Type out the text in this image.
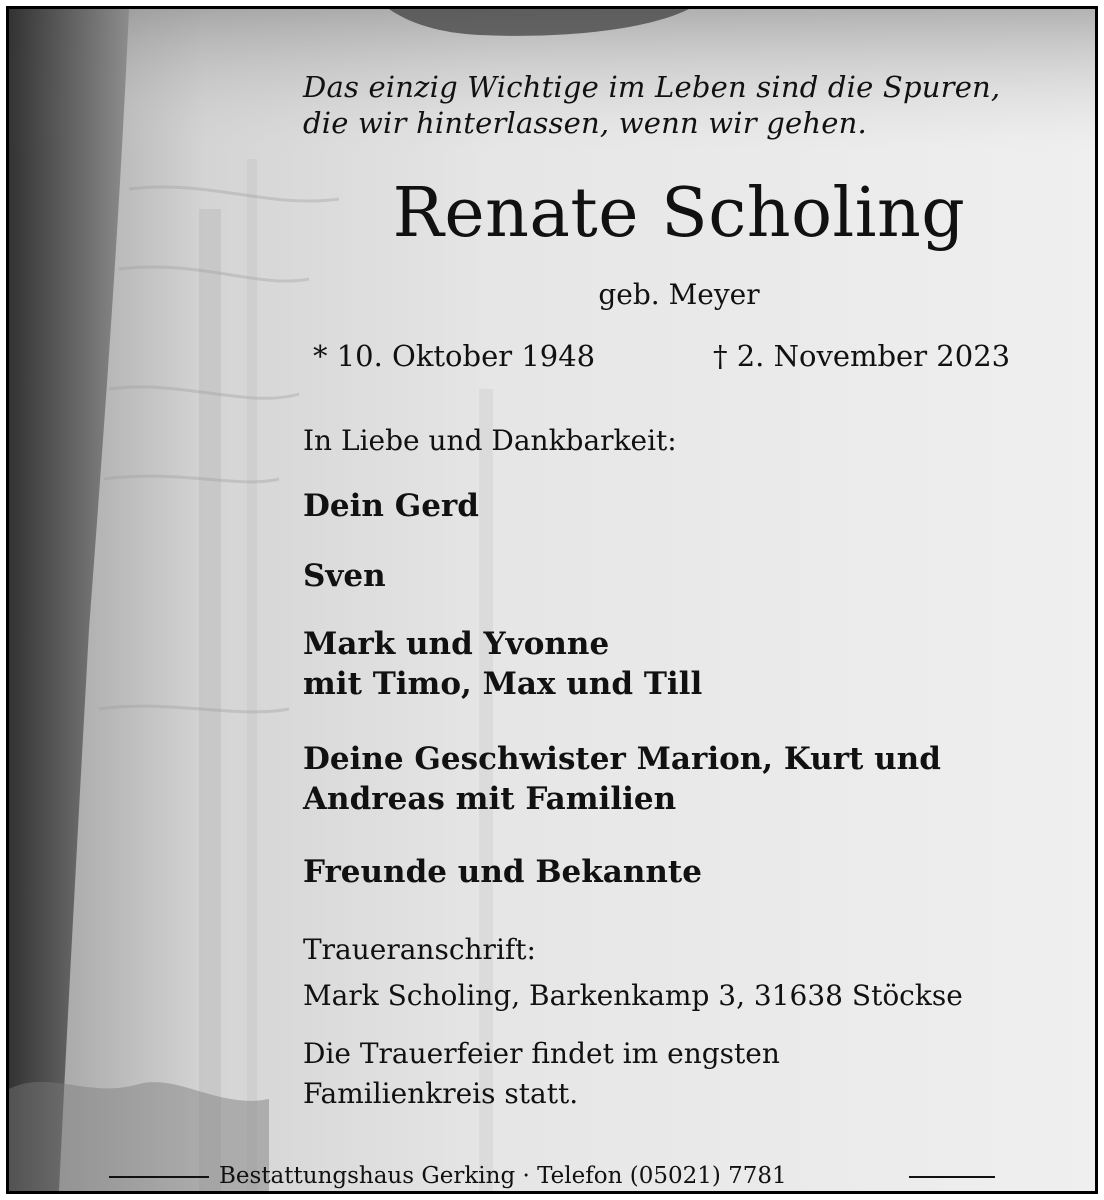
Das einzig Wichtige im Leben sind die Spuren,
die wir hinterlassen, wenn wir gehen.
Renate Scholing
geb. Meyer
* 10. Oktober 1948	† 2. November 2023
In Liebe und Dankbarkeit:
Dein Gerd
Sven
Mark und Yvonne
mit Timo, Max und Till
Deine Geschwister Marion, Kurt und
Andreas mit Familien
Freunde und Bekannte
Traueranschrift:
Mark Scholing, Barkenkamp 3, 31638 Stöckse
Die Trauerfeier findet im engsten
Familienkreis statt.
Bestattungshaus Gerking · Telefon (05021) 7781
